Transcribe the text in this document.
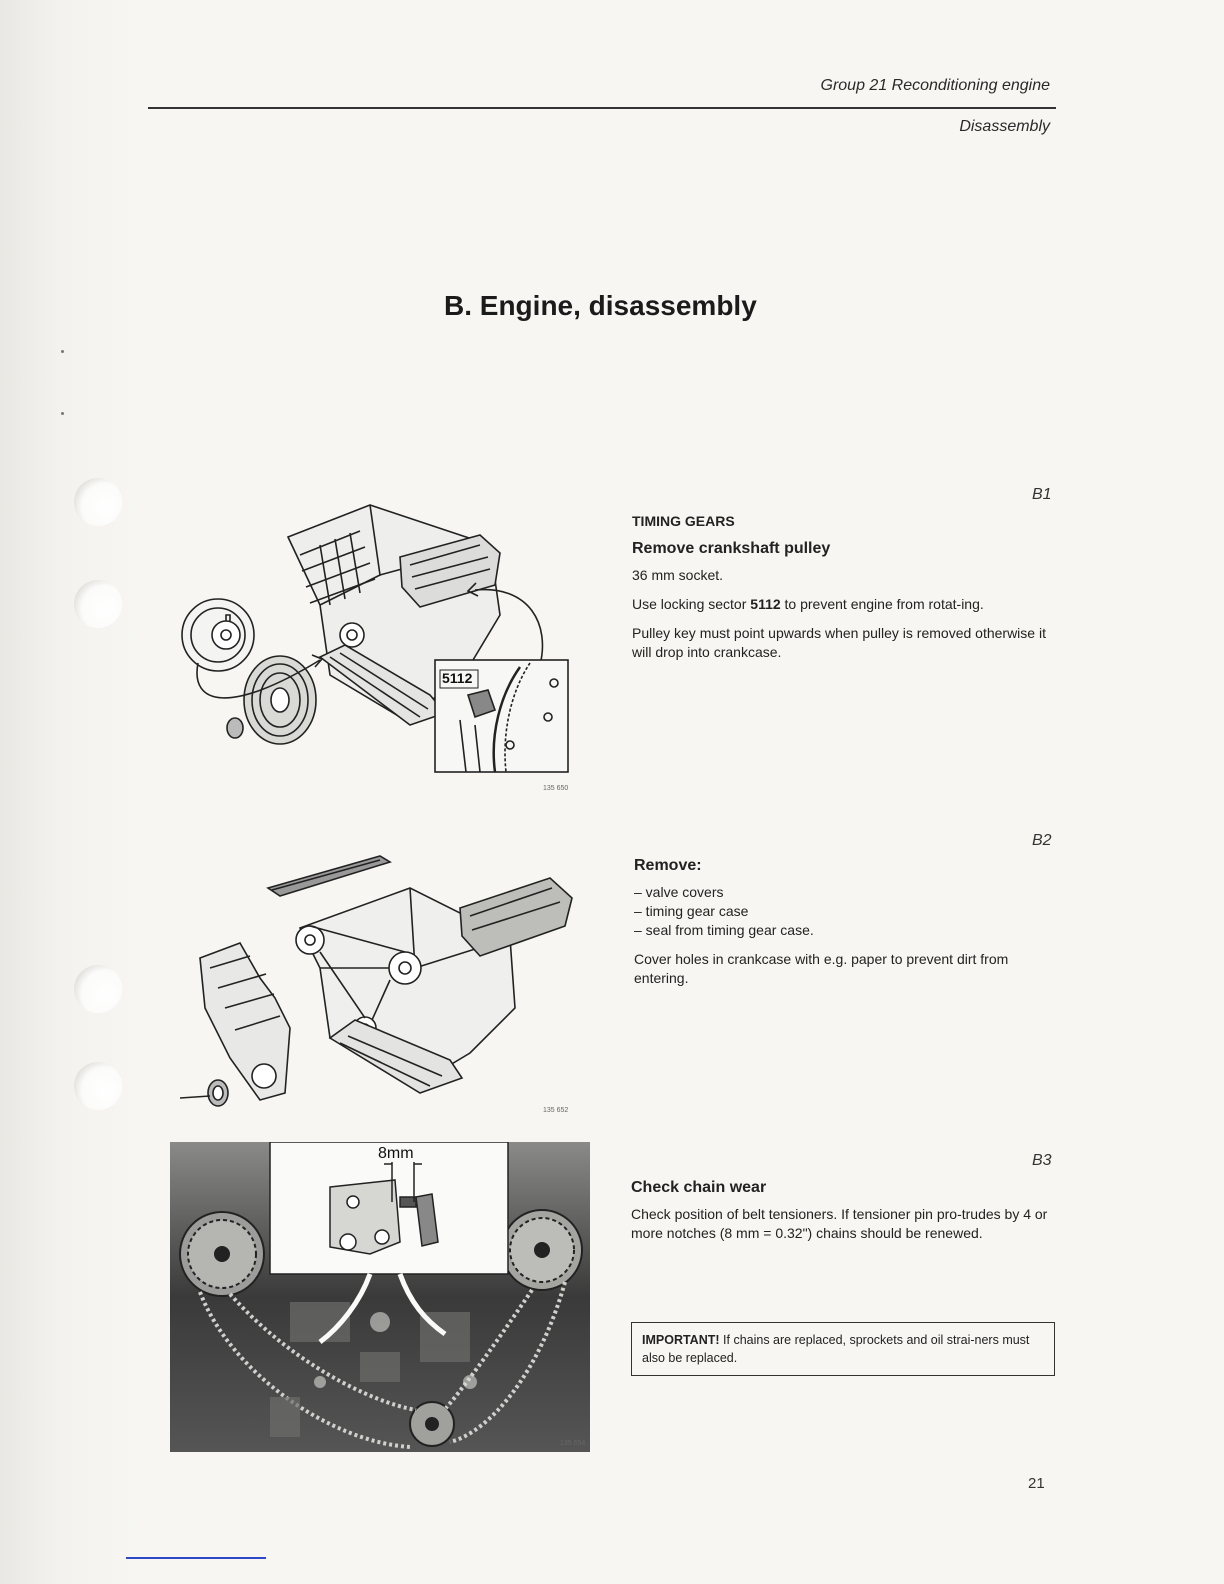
Group 21 Reconditioning engine
Disassembly
B. Engine, disassembly
5112
135 650
B1
TIMING GEARS
Remove crankshaft pulley

36 mm socket.

Use locking sector 5112 to prevent engine from rotat-ing.

Pulley key must point upwards when pulley is removed otherwise it will drop into crankcase.

135 652
B2
Remove:
– valve covers
– timing gear case
– seal from timing gear case.

Cover holes in crankcase with e.g. paper to prevent dirt from entering.

8mm
135 654
B3
Check chain wear

Check position of belt tensioners. If tensioner pin pro-trudes by 4 or more notches (8 mm = 0.32") chains should be renewed.

IMPORTANT! If chains are replaced, sprockets and oil strai-ners must also be replaced.
21
